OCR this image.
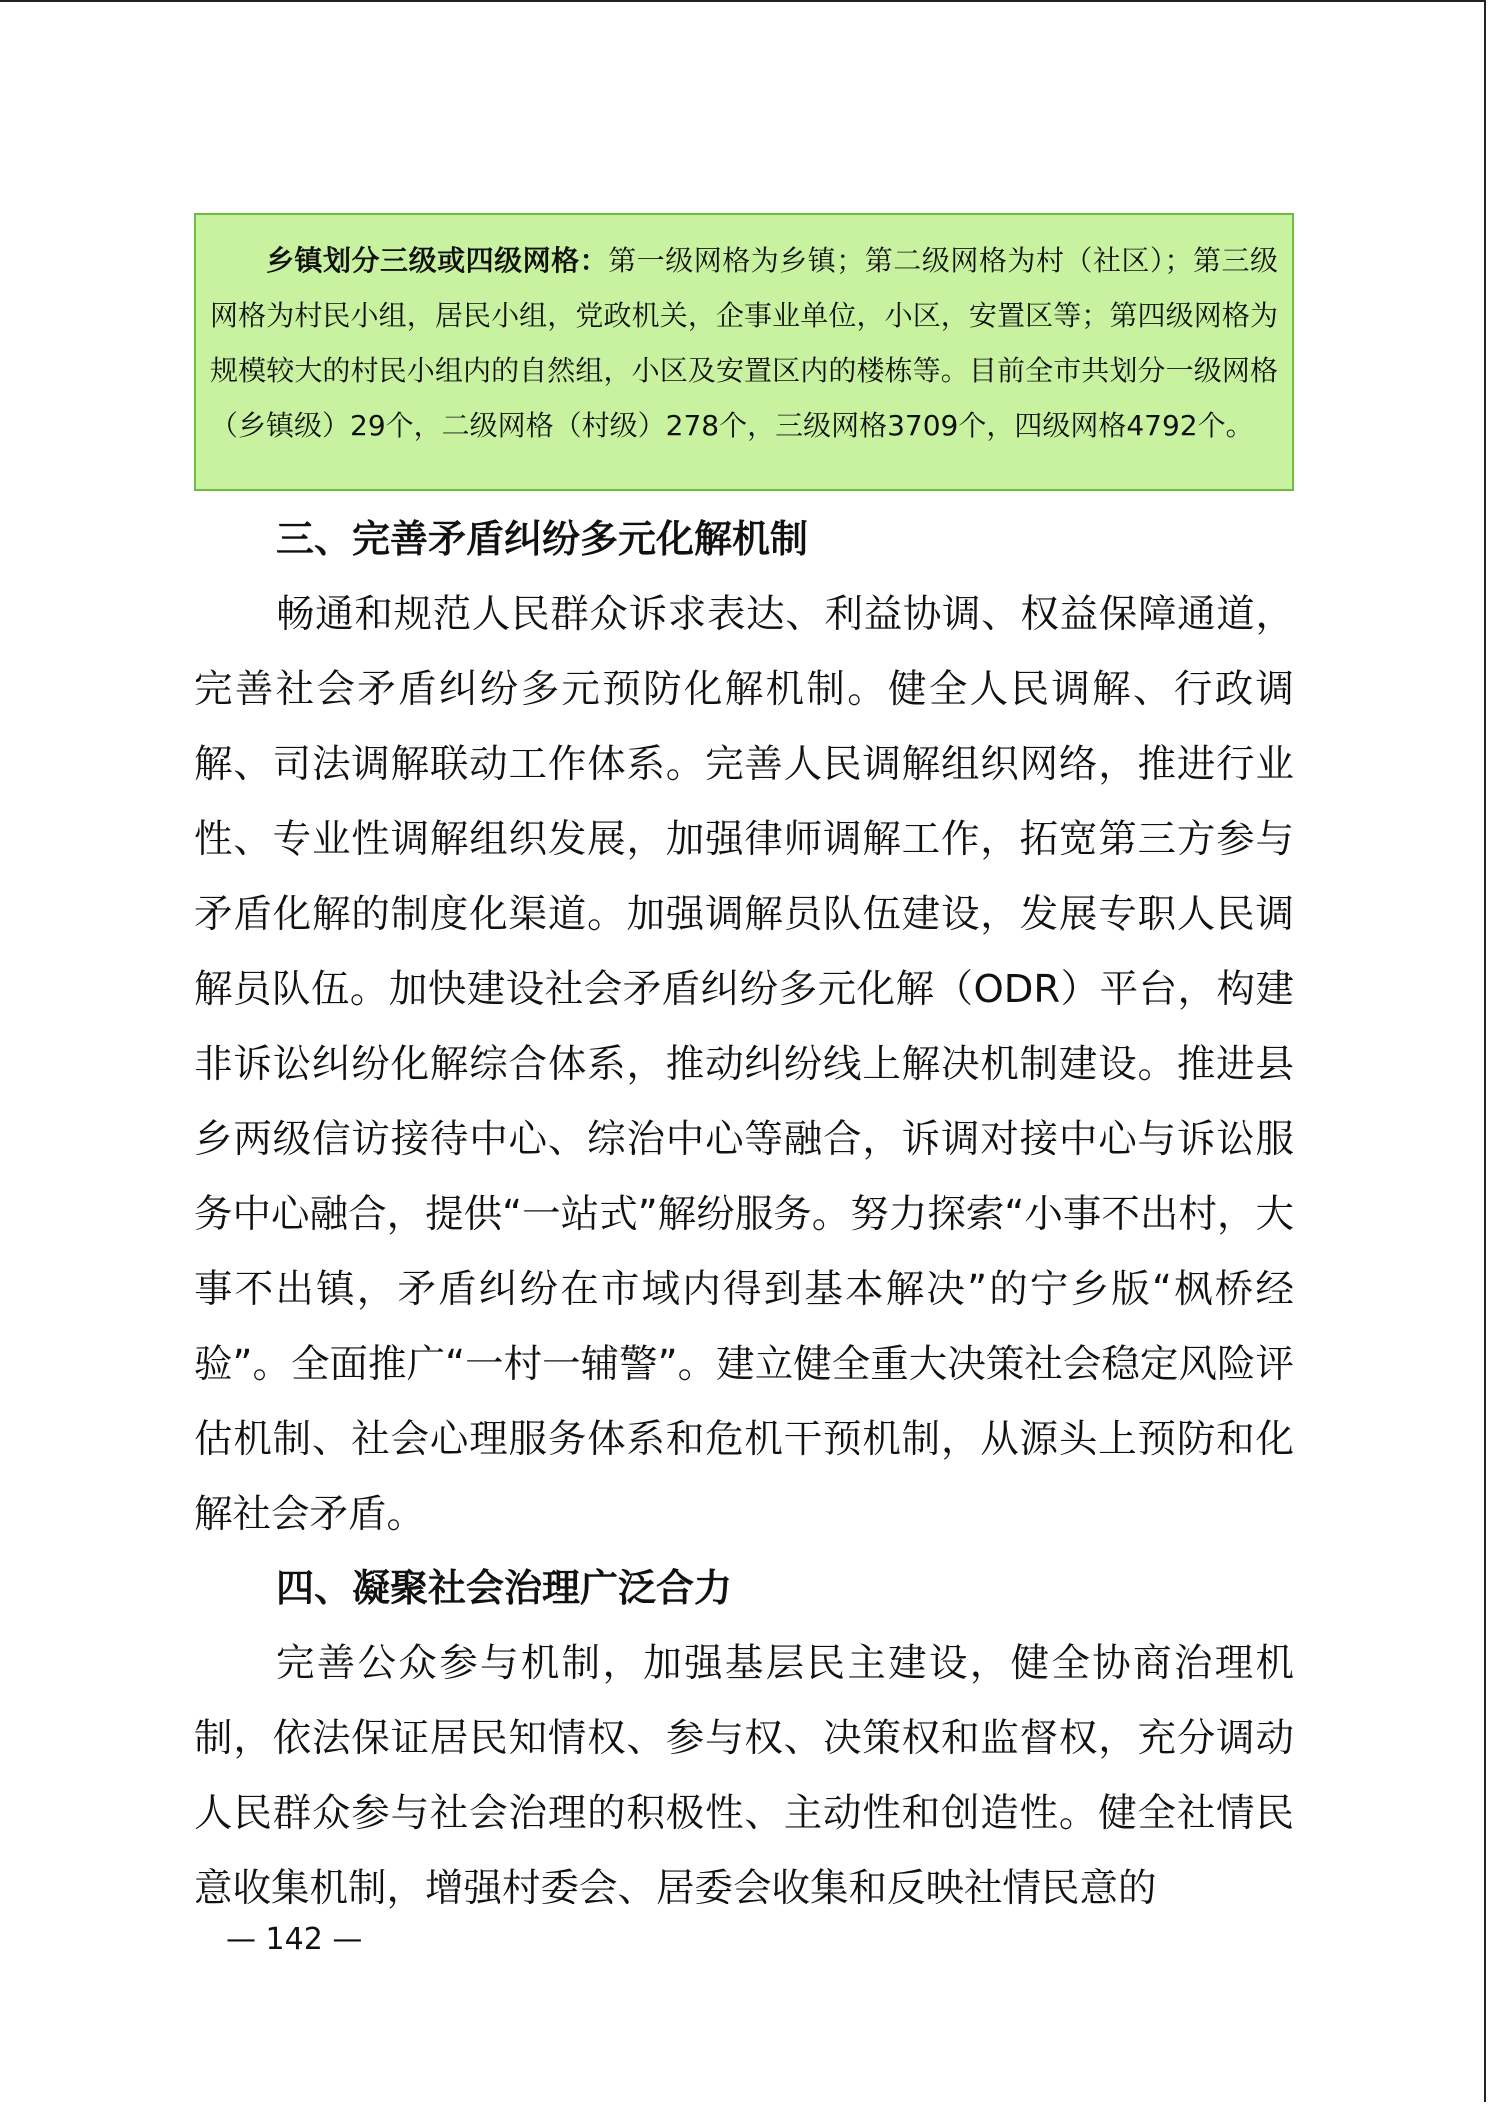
乡镇划分三级或四级网格：第一级网格为乡镇；第二级网格为村（社区）；第三级网格为村民小组，居民小组，党政机关，企事业单位，小区，安置区等；第四级网格为规模较大的村民小组内的自然组，小区及安置区内的楼栋等。目前全市共划分一级网格（乡镇级）29个，二级网格（村级）278个，三级网格3709个，四级网格4792个。
三、完善矛盾纠纷多元化解机制

畅通和规范人民群众诉求表达、利益协调、权益保障通道，完善社会矛盾纠纷多元预防化解机制。健全人民调解、行政调解、司法调解联动工作体系。完善人民调解组织网络，推进行业性、专业性调解组织发展，加强律师调解工作，拓宽第三方参与矛盾化解的制度化渠道。加强调解员队伍建设，发展专职人民调解员队伍。加快建设社会矛盾纠纷多元化解（ODR）平台，构建非诉讼纠纷化解综合体系，推动纠纷线上解决机制建设。推进县乡两级信访接待中心、综治中心等融合，诉调对接中心与诉讼服务中心融合，提供“一站式”解纷服务。努力探索“小事不出村，大事不出镇，矛盾纠纷在市域内得到基本解决”的宁乡版“枫桥经验”。全面推广“一村一辅警”。建立健全重大决策社会稳定风险评估机制、社会心理服务体系和危机干预机制，从源头上预防和化解社会矛盾。

四、凝聚社会治理广泛合力

完善公众参与机制，加强基层民主建设，健全协商治理机制，依法保证居民知情权、参与权、决策权和监督权，充分调动人民群众参与社会治理的积极性、主动性和创造性。健全社情民意收集机制，增强村委会、居委会收集和反映社情民意的

— 142 —
